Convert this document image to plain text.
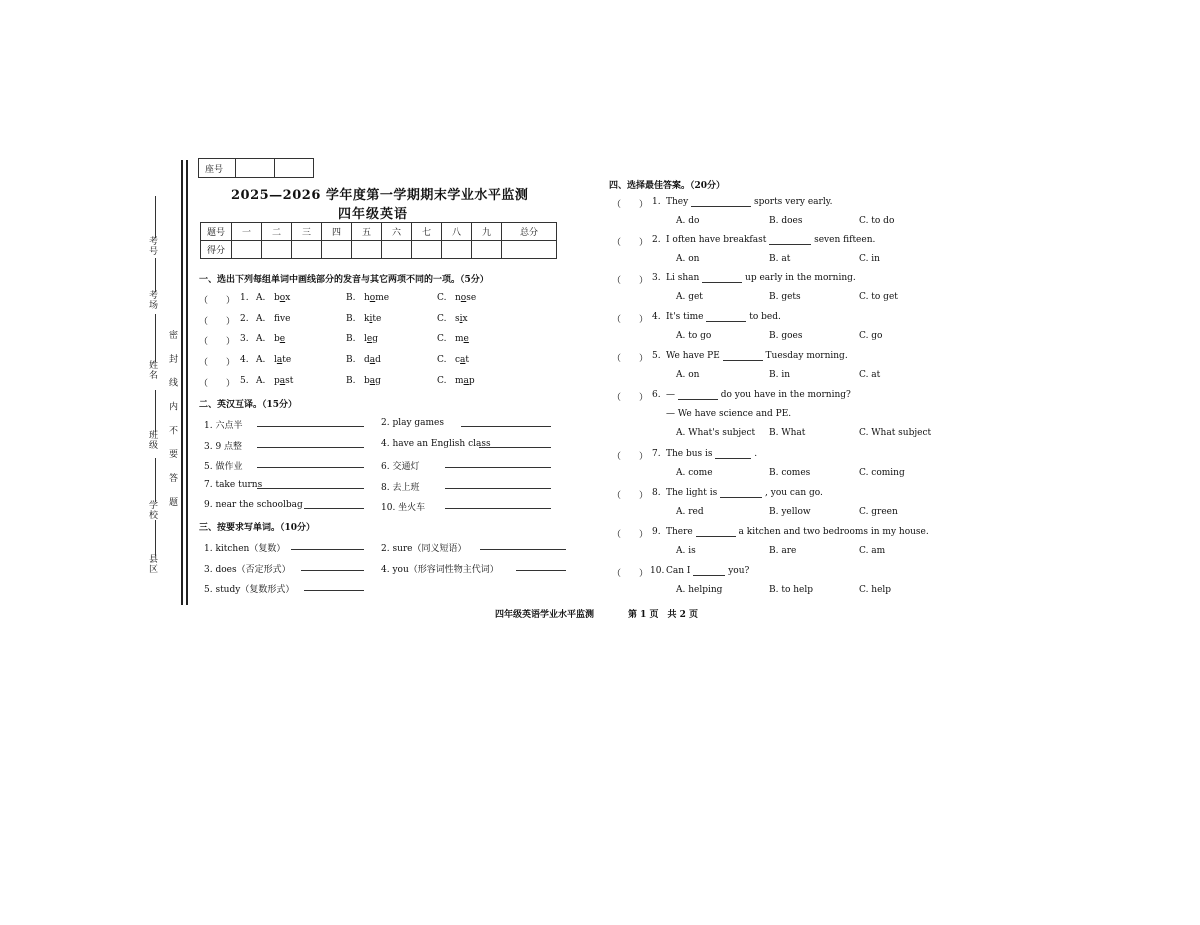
考号
考场
姓名
班级
学校
县区
密 封 线 内 不 要 答 题
座号		
2025—2026 学年度第一学期期末学业水平监测
四年级英语
题号	一	二	三	四	五	六	七	八	九	总分
得分										
一、选出下列每组单词中画线部分的发音与其它两项不同的一项。（5分）
（　　） 1. A. box	B. home	C. nose
（　　） 2. A. fve	B. kite	C. six
（　　） 3. A. be	B. leg	C. me
（　　） 4. A. late	B. dad	C. cat
（　　） 5. A. past	B. bag	C. map
二、英汉互译。（15分）
1. 六点半
3. 9 点整
5. 做作业
7. take turns
9. near the schoolbag
2. play games
4. have an English class
6. 交通灯
8. 去上班
10. 坐火车
三、按要求写单词。（10分）
1. kitchen（复数）
3. does（否定形式）
5. study（复数形式）
2. sure（同义短语）
4. you（形容词性物主代词）
四、选择最佳答案。（20分）
（　　） 1. They	sports very early.
A. do	B. does	C. to do
（　　） 2. I often have breakfast	seven fifteen.
A. on	B. at	C. in
（　　） 3. Li shan	up early in the morning.
A. get	B. gets	C. to get
（　　） 4. It's time	to bed.
A. to go	B. goes	C. go
（　　） 5. We have PE	Tuesday morning.
A. on	B. in	C. at
（　　） 6. —	do you have in the morning?
— We have science and PE.
A. What's subject B. What	C. What subject
（　　） 7. The bus is	.
A. come	B. comes	C. coming
（　　） 8. The light is	, you can go.
A. red	B. yellow	C. green
（　　） 9. There	a kitchen and two bedrooms in my house.
A. is	B. are	C. am
（　　） 10. Can I	you?
A. helping	B. to help	C. help
四年级英语学业水平监测	第 1 页　共 2 页
